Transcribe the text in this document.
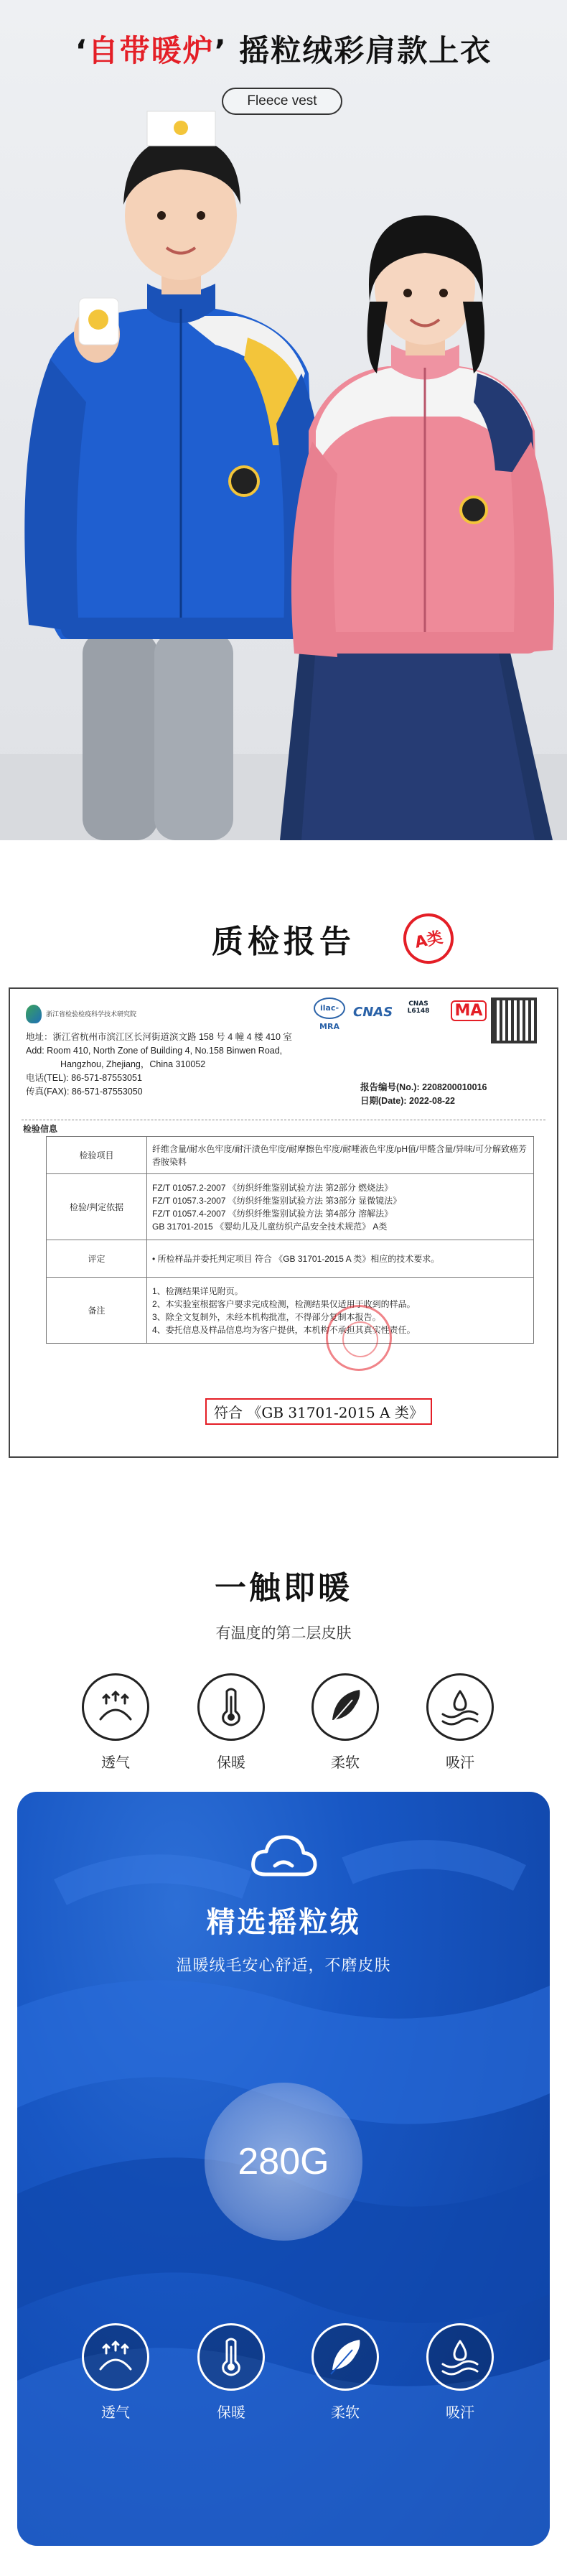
‘自带暖炉’ 摇粒绒彩肩款上衣
Fleece vest
质检报告	A类
浙江省检验检疫科学技术研究院
ilac-MRA
CNAS
CNAS L6148	MA
地址：浙江省杭州市滨江区长河街道滨文路 158 号 4 幢 4 楼 410 室
Add: Room 410, North Zone of Building 4, No.158 Binwen Road,
Hangzhou, Zhejiang，China 310052
电话(TEL): 86-571-87553051
传真(FAX): 86-571-87553050	报告编号(No.): 2208200010016
日期(Date): 2022-08-22
检验信息
检验项目	纤维含量/耐水色牢度/耐汗渍色牢度/耐摩擦色牢度/耐唾液色牢度/pH值/甲醛含量/异味/可分解致癌芳香胺染料
检验/判定依据	FZ/T 01057.2-2007 《纺织纤维鉴别试验方法 第2部分 燃烧法》
FZ/T 01057.3-2007 《纺织纤维鉴别试验方法 第3部分 显微镜法》
FZ/T 01057.4-2007 《纺织纤维鉴别试验方法 第4部分 溶解法》
GB 31701-2015 《婴幼儿及儿童纺织产品安全技术规范》 A类
评定	• 所检样品并委托判定项目 符合 《GB 31701-2015 A 类》相应的技术要求。
备注	1、检测结果详见附页。
2、本实验室根据客户要求完成检测，检测结果仅适用于收到的样品。
3、除全文复制外，未经本机构批准，不得部分复制本报告。
4、委托信息及样品信息均为客户提供，本机构不承担其真实性责任。
符合 《GB 31701-2015 A 类》
一触即暖
有温度的第二层皮肤
透气	保暖	柔软	吸汗
精选摇粒绒
温暖绒毛安心舒适，不磨皮肤
280G
透气	保暖	柔软	吸汗
